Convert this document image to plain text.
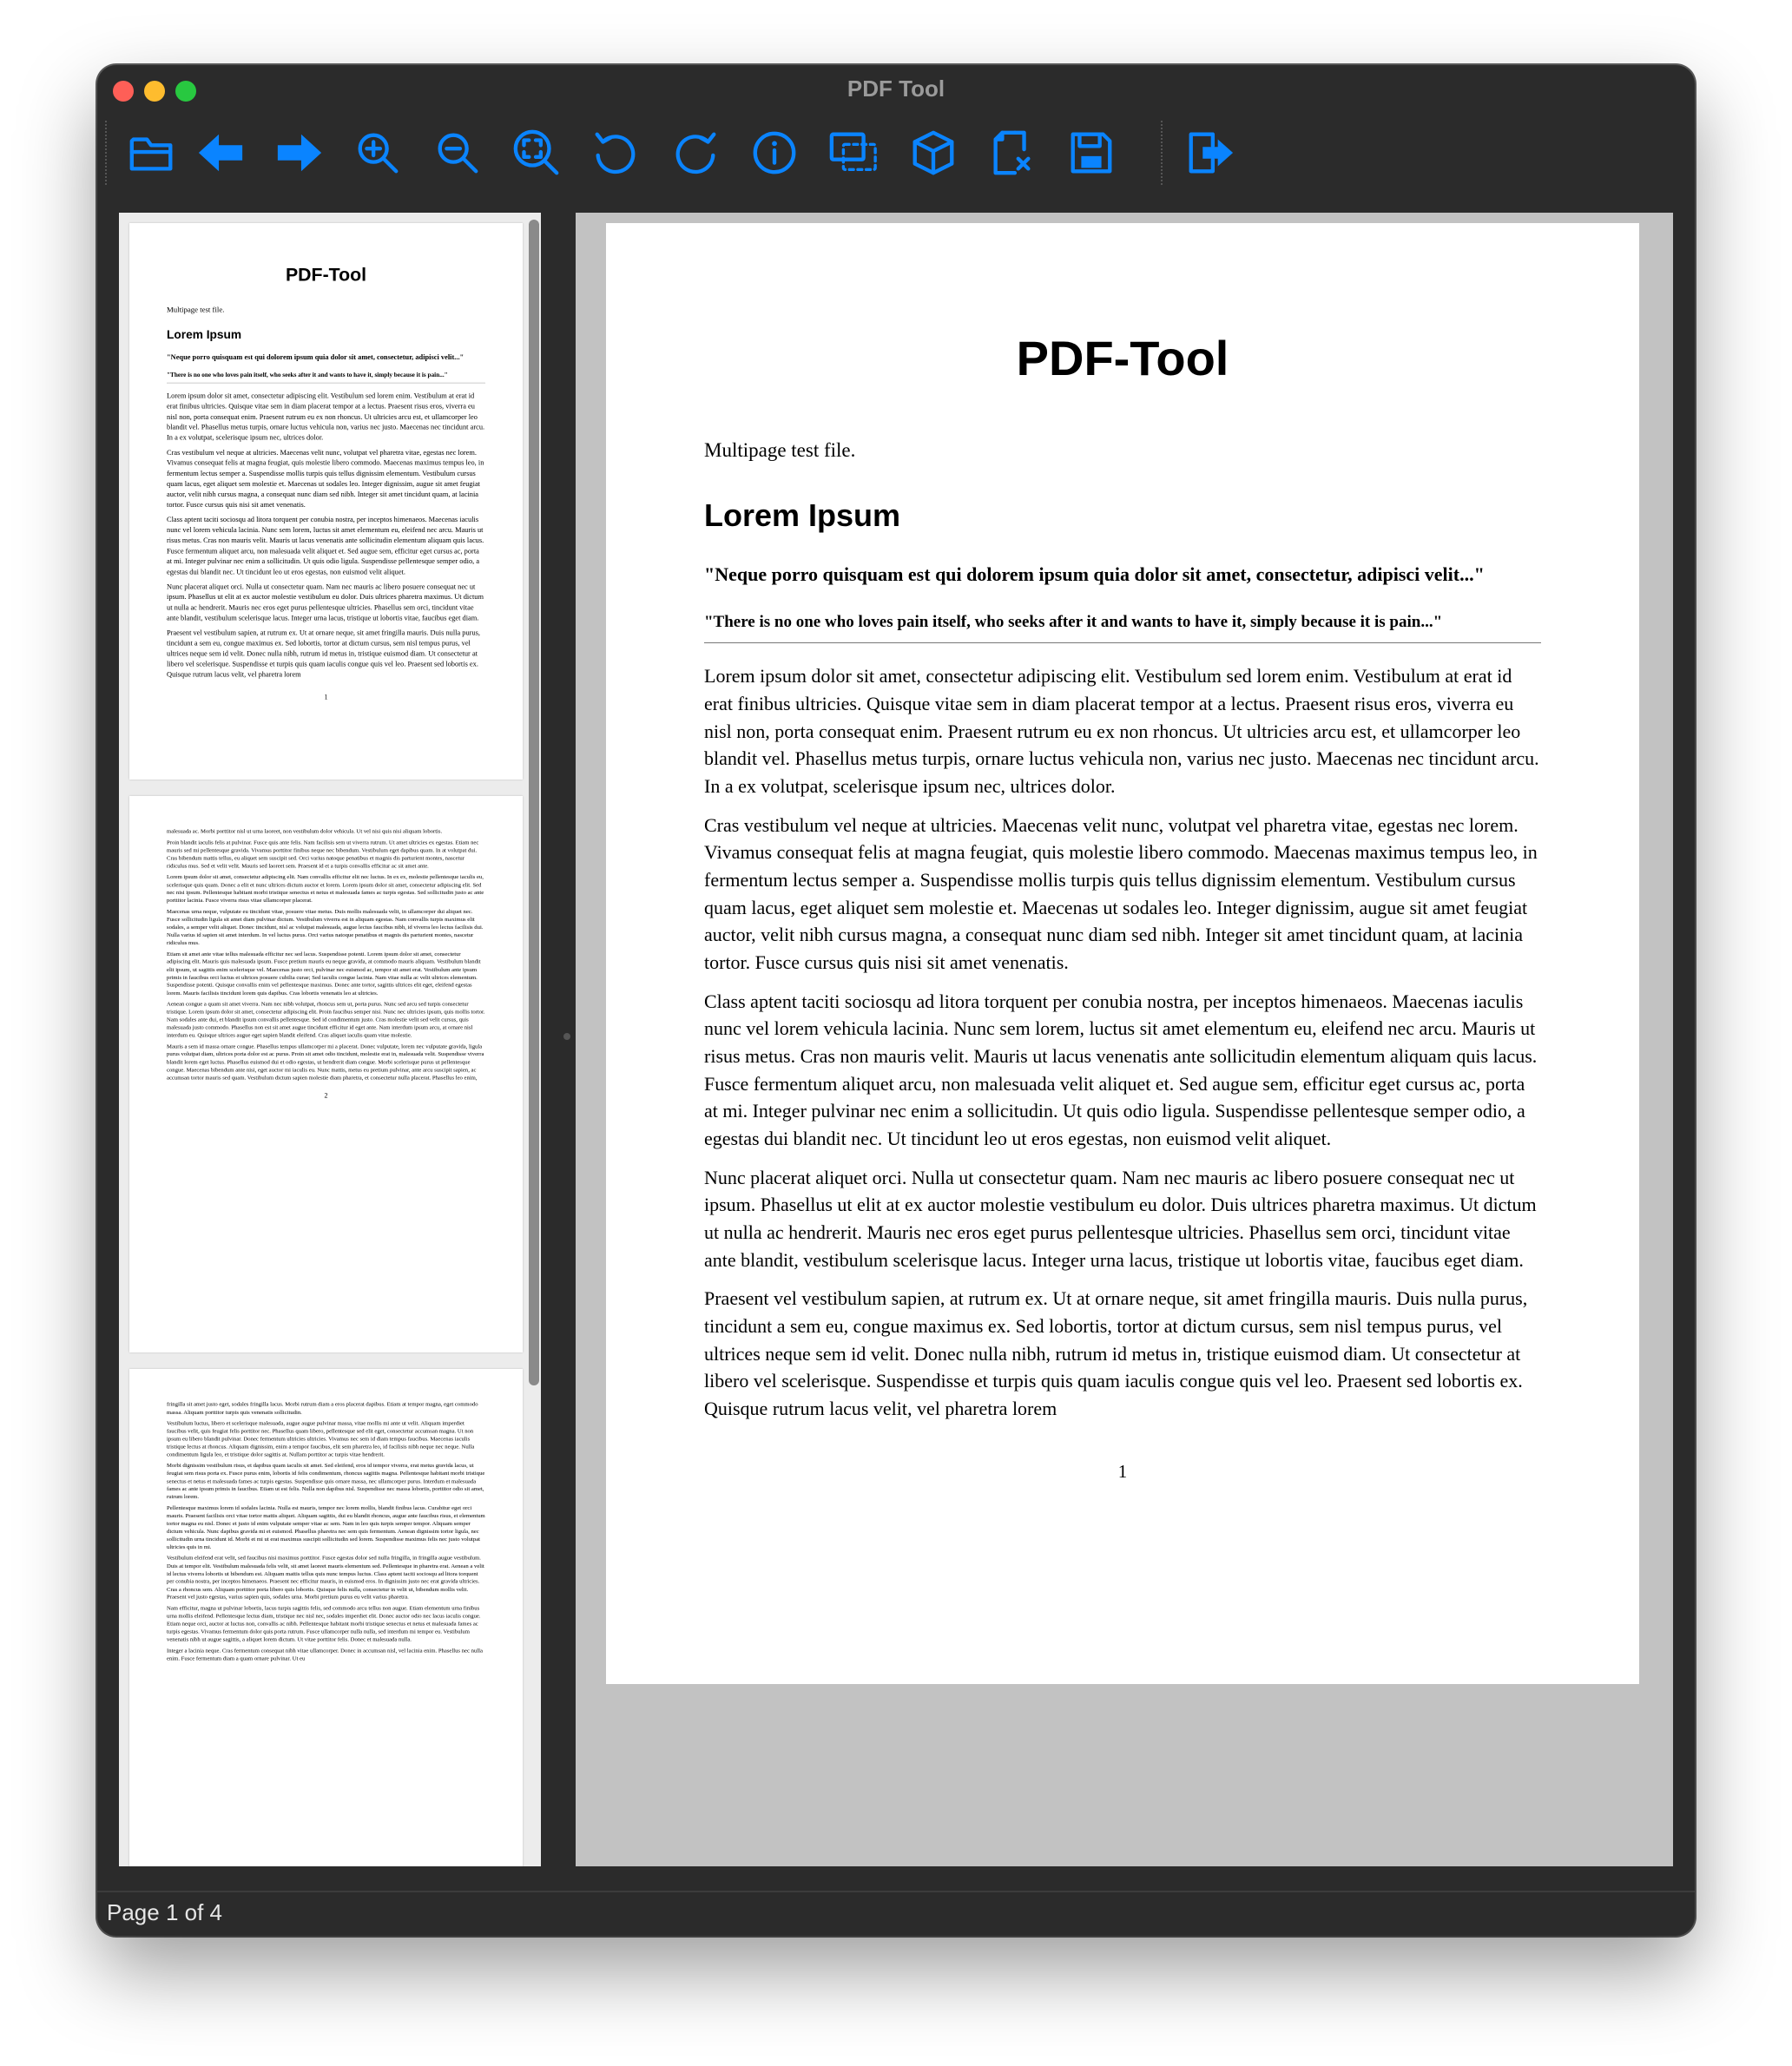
PDF Tool
PDF-Tool
Multipage test file.
Lorem Ipsum
"Neque porro quisquam est qui dolorem ipsum quia dolor sit amet, consectetur, adipisci velit..."
"There is no one who loves pain itself, who seeks after it and wants to have it, simply because it is pain..."
Lorem ipsum dolor sit amet, consectetur adipiscing elit. Vestibulum sed lorem enim. Vestibulum at erat id erat finibus ultricies. Quisque vitae sem in diam placerat tempor at a lectus. Praesent risus eros, viverra eu nisl non, porta consequat enim. Praesent rutrum eu ex non rhoncus. Ut ultricies arcu est, et ullamcorper leo blandit vel. Phasellus metus turpis, ornare luctus vehicula non, varius nec justo. Maecenas nec tincidunt arcu. In a ex volutpat, scelerisque ipsum nec, ultrices dolor.
Cras vestibulum vel neque at ultricies. Maecenas velit nunc, volutpat vel pharetra vitae, egestas nec lorem. Vivamus consequat felis at magna feugiat, quis molestie libero commodo. Maecenas maximus tempus leo, in fermentum lectus semper a. Suspendisse mollis turpis quis tellus dignissim elementum. Vestibulum cursus quam lacus, eget aliquet sem molestie et. Maecenas ut sodales leo. Integer dignissim, augue sit amet feugiat auctor, velit nibh cursus magna, a consequat nunc diam sed nibh. Integer sit amet tincidunt quam, at lacinia tortor. Fusce cursus quis nisi sit amet venenatis.
Class aptent taciti sociosqu ad litora torquent per conubia nostra, per inceptos himenaeos. Maecenas iaculis nunc vel lorem vehicula lacinia. Nunc sem lorem, luctus sit amet elementum eu, eleifend nec arcu. Mauris ut risus metus. Cras non mauris velit. Mauris ut lacus venenatis ante sollicitudin elementum aliquam quis lacus. Fusce fermentum aliquet arcu, non malesuada velit aliquet et. Sed augue sem, efficitur eget cursus ac, porta at mi. Integer pulvinar nec enim a sollicitudin. Ut quis odio ligula. Suspendisse pellentesque semper odio, a egestas dui blandit nec. Ut tincidunt leo ut eros egestas, non euismod velit aliquet.
Nunc placerat aliquet orci. Nulla ut consectetur quam. Nam nec mauris ac libero posuere consequat nec ut ipsum. Phasellus ut elit at ex auctor molestie vestibulum eu dolor. Duis ultrices pharetra maximus. Ut dictum ut nulla ac hendrerit. Mauris nec eros eget purus pellentesque ultricies. Phasellus sem orci, tincidunt vitae ante blandit, vestibulum scelerisque lacus. Integer urna lacus, tristique ut lobortis vitae, faucibus eget diam.
Praesent vel vestibulum sapien, at rutrum ex. Ut at ornare neque, sit amet fringilla mauris. Duis nulla purus, tincidunt a sem eu, congue maximus ex. Sed lobortis, tortor at dictum cursus, sem nisl tempus purus, vel ultrices neque sem id velit. Donec nulla nibh, rutrum id metus in, tristique euismod diam. Ut consectetur at libero vel scelerisque. Suspendisse et turpis quis quam iaculis congue quis vel leo. Praesent sed lobortis ex. Quisque rutrum lacus velit, vel pharetra lorem
1
malesuada ac. Morbi porttitor nisl ut urna laoreet, non vestibulum dolor vehicula. Ut vel nisi quis nisi aliquam lobortis.
Proin blandit iaculis felis at pulvinar. Fusce quis ante felis. Nam facilisis sem ut viverra rutrum. Ut amet ultricies ex egestas. Etiam nec mauris sed mi pellentesque gravida. Vivamus porttitor finibus neque nec bibendum. Vestibulum eget dapibus quam. In at volutpat dui. Cras bibendum mattis tellus, eu aliquet sem suscipit sed. Orci varius natoque penatibus et magnis dis parturient montes, nascetur ridiculus mus. Sed et velit velit. Mauris sed laoreet sem. Praesent id et a turpis convallis efficitur ac sit amet ante.
Lorem ipsum dolor sit amet, consectetur adipiscing elit. Nam convallis efficitur elit nec luctus. In ex ex, molestie pellentesque iaculis eu, scelerisque quis quam. Donec a elit et nunc ultrices dictum auctor et lorem. Lorem ipsum dolor sit amet, consectetur adipiscing elit. Sed nec nisi ipsum. Pellentesque habitant morbi tristique senectus et netus et malesuada fames ac turpis egestas. Sed sollicitudin justo ac ante porttitor lacinia. Fusce viverra risus vitae ullamcorper placerat.
Maecenas urna neque, vulputate eu tincidunt vitae, posuere vitae metus. Duis mollis malesuada velit, in ullamcorper dui aliquet nec. Fusce sollicitudin ligula sit amet diam pulvinar dictum. Vestibulum viverra est in aliquam egestas. Nam convallis turpis maximus elit sodales, a semper velit aliquet. Donec tincidunt, nisl ac volutpat malesuada, augue lectus faucibus nibh, id viverra leo lectus facilisis dui. Nulla varius id sapien sit amet interdum. In vel luctus purus. Orci varius natoque penatibus et magnis dis parturient montes, nascetur ridiculus mus.
Etiam sit amet ante vitae tellus malesuada efficitur nec sed lacus. Suspendisse potenti. Lorem ipsum dolor sit amet, consectetur adipiscing elit. Mauris quis malesuada ipsum. Fusce pretium mauris eu neque gravida, at commodo mauris aliquam. Vestibulum blandit elit ipsum, ut sagittis enim scelerisque vel. Maecenas justo orci, pulvinar nec euismod ac, tempor sit amet erat. Vestibulum ante ipsum primis in faucibus orci luctus et ultrices posuere cubilia curae; Sed iaculis congue lacinia. Nam vitae nulla ac velit ultrices elementum. Suspendisse potenti. Quisque convallis enim vel pellentesque maximus. Donec ante tortor, sagittis ultrices elit eget, eleifend egestas lorem. Mauris facilisis tincidunt lorem quis dapibus. Cras lobortis venenatis leo at ultricies.
Aenean congue a quam sit amet viverra. Nam nec nibh volutpat, rhoncus sem ut, porta purus. Nunc sed arcu sed turpis consectetur tristique. Lorem ipsum dolor sit amet, consectetur adipiscing elit. Proin faucibus semper nisi. Nunc nec ultricies ipsum, quis mollis tortor. Nam sodales ante dui, et blandit ipsum convallis pellentesque. Sed id condimentum justo. Cras molestie velit sed velit cursus, quis malesuada justo commodo. Phasellus non est sit amet augue tincidunt efficitur id eget ante. Nam interdum ipsum arcu, at ornare nisl interdum eu. Quisque ultrices augue eget sapien blandit eleifend. Cras aliquet iaculis quam vitae molestie.
Mauris a sem id massa ornare congue. Phasellus tempus ullamcorper mi a placerat. Donec vulputate, lorem nec vulputate gravida, ligula purus volutpat diam, ultrices porta dolor est ac purus. Proin sit amet odio tincidunt, molestie erat in, malesuada velit. Suspendisse viverra blandit lorem eget luctus. Phasellus euismod dui et odio egestas, ut hendrerit diam congue. Morbi scelerisque purus ut pellentesque congue. Maecenas bibendum ante nisi, eget auctor mi iaculis eu. Nunc mattis, metus eu pretium pulvinar, ante arcu suscipit sapien, ac accumsan tortor mauris sed quam. Vestibulum dictum sapien molestie diam pharetra, et consectetur nulla placerat. Phasellus leo enim,
2
fringilla sit amet justo eget, sodales fringilla lacus. Morbi rutrum diam a eros placerat dapibus. Etiam at tempor magna, eget commodo massa. Aliquam porttitor turpis quis venenatis sollicitudin.
Vestibulum luctus, libero et scelerisque malesuada, augue augue pulvinar massa, vitae mollis mi ante ut velit. Aliquam imperdiet faucibus velit, quis feugiat felis porttitor nec. Phasellus quam libero, pellentesque sed elit eget, consectetur accumsan magna. Ut non ipsum eu libero blandit pulvinar. Donec fermentum ultricies ultricies. Vivamus nec sem id diam tempus faucibus. Maecenas iaculis tristique lectus at rhoncus. Aliquam dignissim, enim a tempor faucibus, elit sem pharetra leo, id facilisis nibh neque nec neque. Nulla condimentum ligula leo, et tristique dolor sagittis at. Nullam porttitor ac turpis vitae hendrerit.
Morbi dignissim vestibulum risus, et dapibus quam iaculis sit amet. Sed eleifend, eros id tempor viverra, erat metus gravida lacus, ut feugiat sem risus porta ex. Fusce purus enim, lobortis id felis condimentum, rhoncus sagittis magna. Pellentesque habitant morbi tristique senectus et netus et malesuada fames ac turpis egestas. Suspendisse quis ornare massa, nec ullamcorper purus. Interdum et malesuada fames ac ante ipsum primis in faucibus. Etiam ut est felis. Nulla non dapibus nisl. Suspendisse nec massa lobortis, porttitor odio sit amet, rutrum lorem.
Pellentesque maximus lorem id sodales lacinia. Nulla est mauris, tempor nec lorem mollis, blandit finibus lacus. Curabitur eget orci mauris. Praesent facilisis orci vitae tortor mattis aliquet. Aliquam sagittis, dui eu blandit rhoncus, augue ante faucibus risus, et elementum tortor magna eu nisl. Donec et justo id enim vulputate semper vitae ac sem. Nam in leo quis turpis semper tempor. Aliquam semper dictum vehicula. Nunc dapibus gravida mi et euismod. Phasellus pharetra nec sem quis fermentum. Aenean dignissim tortor ligula, nec sollicitudin urna tincidunt id. Morbi et mi ut erat maximus suscipit sollicitudin sed lorem. Suspendisse maximus felis nec justo volutpat ultricies quis in mi.
Vestibulum eleifend erat velit, sed faucibus nisi maximus porttitor. Fusce egestas dolor sed nulla fringilla, in fringilla augue vestibulum. Duis at tempor elit. Vestibulum malesuada felis velit, sit amet laoreet mauris elementum sed. Pellentesque in pharetra erat. Aenean a velit id lectus viverra lobortis ut bibendum est. Aliquam mattis tellus quis nunc tempus luctus. Class aptent taciti sociosqu ad litora torquent per conubia nostra, per inceptos himenaeos. Praesent nec efficitur mauris, in euismod eros. In dignissim justo nec erat gravida ultricies. Cras a rhoncus sem. Aliquam porttitor porta libero quis lobortis. Quisque felis nulla, consectetur in velit ut, bibendum mollis velit. Praesent vel justo egestas, varius sapien quis, sodales urna. Morbi pretium purus eu velit varius pharetra.
Nam efficitur, magna ut pulvinar lobortis, lacus turpis sagittis felis, sed commodo arcu tellus non augue. Etiam elementum urna finibus urna mollis eleifend. Pellentesque lectus diam, tristique nec nisl nec, sodales imperdiet elit. Donec auctor odio nec lacus iaculis congue. Etiam neque orci, auctor at luctus non, convallis ac nibh. Pellentesque habitant morbi tristique senectus et netus et malesuada fames ac turpis egestas. Vivamus fermentum dolor quis porta rutrum. Fusce ullamcorper nulla nulla, sed interdum mi tempor eu. Vestibulum venenatis nibh ut augue sagittis, a aliquet lorem dictum. Ut vitae porttitor felis. Donec et malesuada nulla.
Integer a lacinia neque. Cras fermentum consequat nibh vitae ullamcorper. Donec in accumsan nisl, vel lacinia enim. Phasellus nec nulla enim. Fusce fermentum diam a quam ornare pulvinar. Ut eu
PDF-Tool
Multipage test file.
Lorem Ipsum
"Neque porro quisquam est qui dolorem ipsum quia dolor sit amet, consectetur, adipisci velit..."
"There is no one who loves pain itself, who seeks after it and wants to have it, simply because it is pain..."
Lorem ipsum dolor sit amet, consectetur adipiscing elit. Vestibulum sed lorem enim. Vestibulum at erat id erat finibus ultricies. Quisque vitae sem in diam placerat tempor at a lectus. Praesent risus eros, viverra eu nisl non, porta consequat enim. Praesent rutrum eu ex non rhoncus. Ut ultricies arcu est, et ullamcorper leo blandit vel. Phasellus metus turpis, ornare luctus vehicula non, varius nec justo. Maecenas nec tincidunt arcu. In a ex volutpat, scelerisque ipsum nec, ultrices dolor.
Cras vestibulum vel neque at ultricies. Maecenas velit nunc, volutpat vel pharetra vitae, egestas nec lorem. Vivamus consequat felis at magna feugiat, quis molestie libero commodo. Maecenas maximus tempus leo, in fermentum lectus semper a. Suspendisse mollis turpis quis tellus dignissim elementum. Vestibulum cursus quam lacus, eget aliquet sem molestie et. Maecenas ut sodales leo. Integer dignissim, augue sit amet feugiat auctor, velit nibh cursus magna, a consequat nunc diam sed nibh. Integer sit amet tincidunt quam, at lacinia tortor. Fusce cursus quis nisi sit amet venenatis.
Class aptent taciti sociosqu ad litora torquent per conubia nostra, per inceptos himenaeos. Maecenas iaculis nunc vel lorem vehicula lacinia. Nunc sem lorem, luctus sit amet elementum eu, eleifend nec arcu. Mauris ut risus metus. Cras non mauris velit. Mauris ut lacus venenatis ante sollicitudin elementum aliquam quis lacus. Fusce fermentum aliquet arcu, non malesuada velit aliquet et. Sed augue sem, efficitur eget cursus ac, porta at mi. Integer pulvinar nec enim a sollicitudin. Ut quis odio ligula. Suspendisse pellentesque semper odio, a egestas dui blandit nec. Ut tincidunt leo ut eros egestas, non euismod velit aliquet.
Nunc placerat aliquet orci. Nulla ut consectetur quam. Nam nec mauris ac libero posuere consequat nec ut ipsum. Phasellus ut elit at ex auctor molestie vestibulum eu dolor. Duis ultrices pharetra maximus. Ut dictum ut nulla ac hendrerit. Mauris nec eros eget purus pellentesque ultricies. Phasellus sem orci, tincidunt vitae ante blandit, vestibulum scelerisque lacus. Integer urna lacus, tristique ut lobortis vitae, faucibus eget diam.
Praesent vel vestibulum sapien, at rutrum ex. Ut at ornare neque, sit amet fringilla mauris. Duis nulla purus, tincidunt a sem eu, congue maximus ex. Sed lobortis, tortor at dictum cursus, sem nisl tempus purus, vel ultrices neque sem id velit. Donec nulla nibh, rutrum id metus in, tristique euismod diam. Ut consectetur at libero vel scelerisque. Suspendisse et turpis quis quam iaculis congue quis vel leo. Praesent sed lobortis ex. Quisque rutrum lacus velit, vel pharetra lorem
1
Page 1 of 4
